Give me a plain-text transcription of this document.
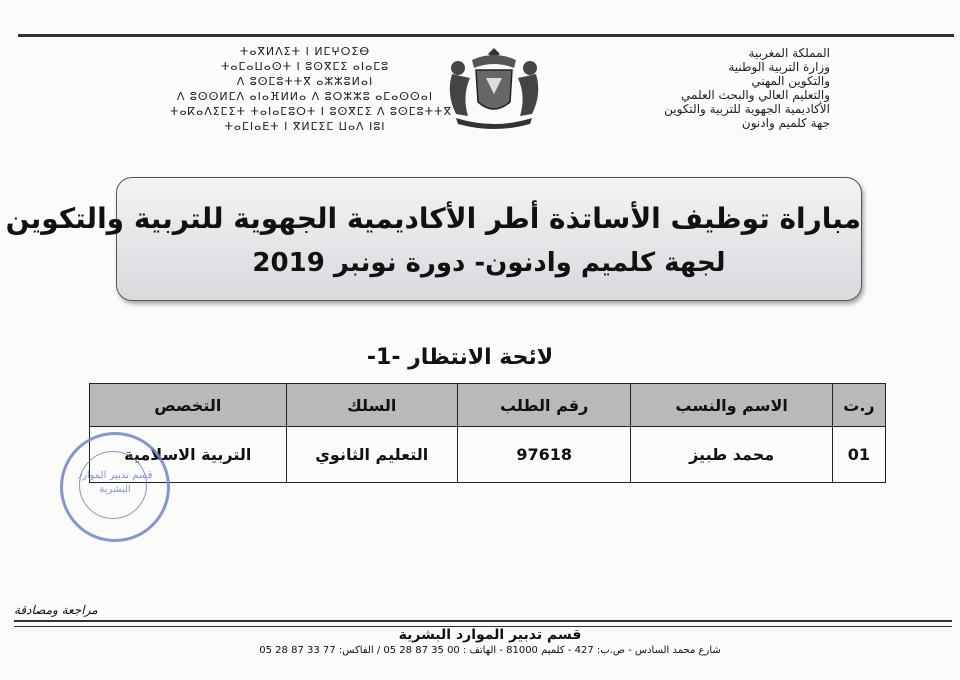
ⵜⴰⴳⵍⴷⵉⵜ ⵏ ⵍⵎⵖⵔⵉⴱ
ⵜⴰⵎⴰⵡⴰⵙⵜ ⵏ ⵓⵙⴳⵎⵉ ⴰⵏⴰⵎⵓ
ⴷ ⵓⵙⵎⵓⵜⵜⴳ ⴰⵣⵣⵓⵍⴰⵏ
ⴷ ⵓⵙⵙⵍⵎⴷ ⴰⵏⴰⴼⵍⵍⴰ ⴷ ⵓⵔⵣⵣⵓ ⴰⵎⴰⵙⵙⴰⵏ
ⵜⴰⴽⴰⴷⵉⵎⵉⵜ ⵜⴰⵏⴰⵎⵓⵔⵜ ⵏ ⵓⵙⴳⵎⵉ ⴷ ⵓⵙⵎⵓⵜⵜⴳ
ⵜⴰⵎⵏⴰⴹⵜ ⵏ ⴳⵍⵎⵉⵎ ⵡⴰⴷ ⵏⵓⵏ
المملكة المغربية
وزارة التربية الوطنية
والتكوين المهني
والتعليم العالي والبحث العلمي
الأكاديمية الجهوية للتربية والتكوين
جهة كلميم وادنون
مباراة توظيف الأساتذة أطر الأكاديمية الجهوية للتربية والتكوين
لجهة كلميم وادنون- دورة نونبر 2019
لائحة الانتظار -1-
ر.ت	الاسم والنسب	رقم الطلب	السلك	التخصص
01	محمد طبيز	97618	التعليم الثانوي	التربية الاسلامية
قسم تدبير الموارد البشرية
مراجعة ومصادقة
قسم تدبير الموارد البشرية
شارع محمد السادس - ص.ب: 427 - كلميم 81000 - الهاتف : 00 35 87 28 05 / الفاكس: 77 33 87 28 05
